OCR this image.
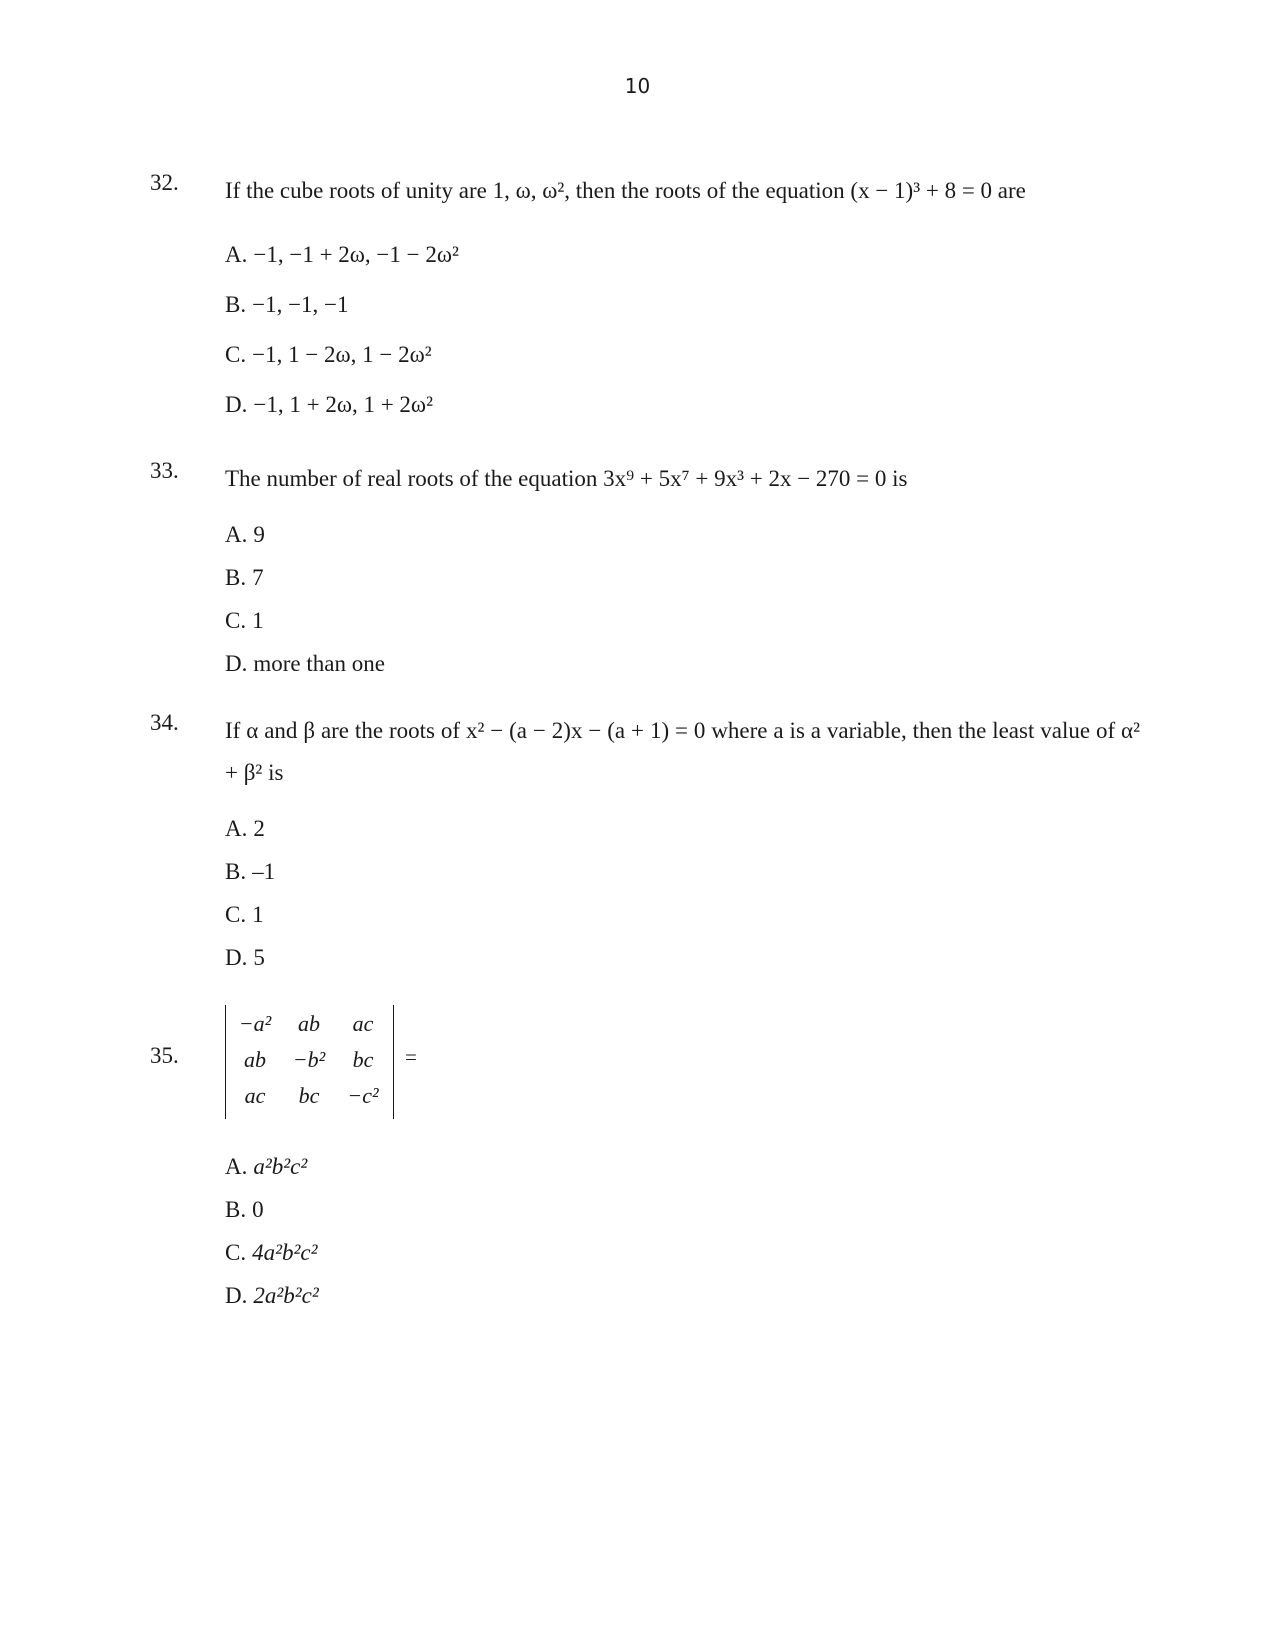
10
32. If the cube roots of unity are 1, ω, ω², then the roots of the equation (x − 1)³ + 8 = 0 are
A. −1, −1 + 2ω, −1 − 2ω²
B. −1, −1, −1
C. −1, 1 − 2ω, 1 − 2ω²
D. −1, 1 + 2ω, 1 + 2ω²
33. The number of real roots of the equation 3x⁹ + 5x⁷ + 9x³ + 2x − 270 = 0 is
A. 9
B. 7
C. 1
D. more than one
34. If α and β are the roots of x² − (a − 2)x − (a + 1) = 0 where a is a variable, then the least value of α² + β² is
A. 2
B. –1
C. 1
D. 5
35.
−a²	ab	ac
ab	−b²	bc
ac	bc	−c²
=
A. a²b²c²
B. 0
C. 4a²b²c²
D. 2a²b²c²
